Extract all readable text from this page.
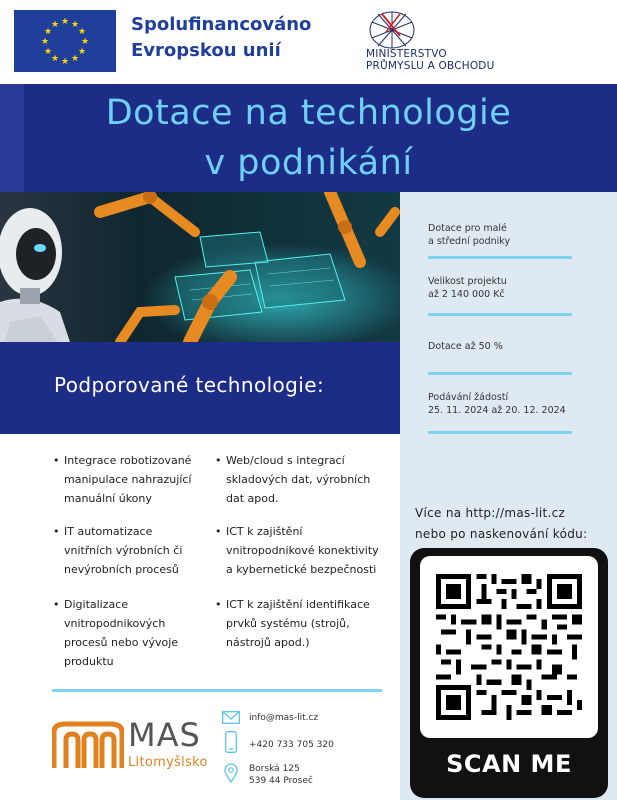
★ ★
★
★
★
★
★
★
★
★
★
★	Spolufinancováno
Evropskou unií	MINISTERSTVO
PRŮMYSLU A OBCHODU
Dotace na technologie
v podnikání
Dotace pro malé
a střední podniky
Velikost projektu
až 2 140 000 Kč
Dotace až 50 %
Podávání žádostí
25. 11. 2024 až 20. 12. 2024
Více na http://mas-lit.cz
nebo po naskenování kódu:
SCAN ME
Podporované technologie:
• Integrace robotizované
manipulace nahrazující
manuální úkony
• IT automatizace
vnitřních výrobních či
nevýrobních procesů
• Digitalizace
vnitropodnikových
procesů nebo vývoje
produktu
• Web/cloud s integrací
skladových dat, výrobních
dat apod.
• ICT k zajištění
vnitropodnikové konektivity
a kybernetické bezpečnosti
• ICT k zajištění identifikace
prvků systému (strojů,
nástrojů apod.)
MAS
Litomyšlsko
info@mas-lit.cz
+420 733 705 320
Borská 125
539 44 Proseč
